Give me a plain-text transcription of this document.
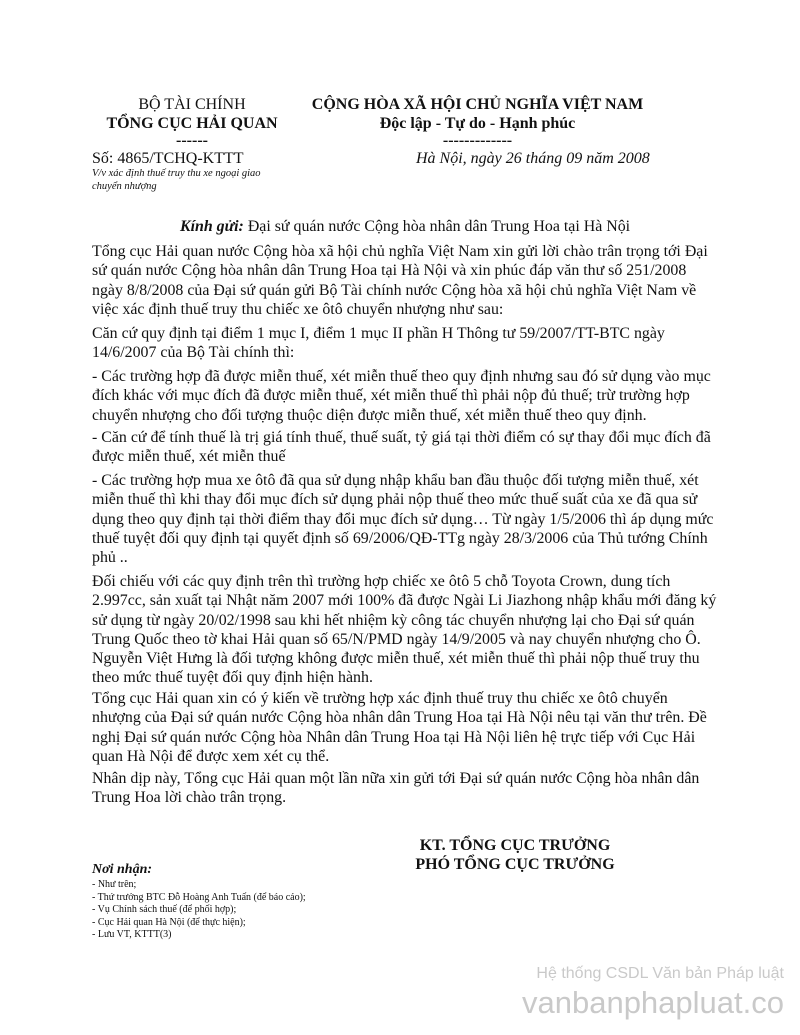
BỘ TÀI CHÍNH
TỔNG CỤC HẢI QUAN
------
Số: 4865/TCHQ-KTTT
V/v xác định thuế truy thu xe ngoại giao chuyển nhượng
CỘNG HÒA XÃ HỘI CHỦ NGHĨA VIỆT NAM
Độc lập - Tự do - Hạnh phúc
-------------
Hà Nội, ngày 26 tháng 09 năm 2008
Kính gửi: Đại sứ quán nước Cộng hòa nhân dân Trung Hoa tại Hà Nội

Tổng cục Hải quan nước Cộng hòa xã hội chủ nghĩa Việt Nam xin gửi lời chào trân trọng tới Đại sứ quán nước Cộng hòa nhân dân Trung Hoa tại Hà Nội và xin phúc đáp văn thư số 251/2008 ngày 8/8/2008 của Đại sứ quán gửi Bộ Tài chính nước Cộng hòa xã hội chủ nghĩa Việt Nam về việc xác định thuế truy thu chiếc xe ôtô chuyển nhượng như sau:

Căn cứ quy định tại điểm 1 mục I, điểm 1 mục II phần H Thông tư 59/2007/TT-BTC ngày 14/6/2007 của Bộ Tài chính thì:

- Các trường hợp đã được miễn thuế, xét miễn thuế theo quy định nhưng sau đó sử dụng vào mục đích khác với mục đích đã được miễn thuế, xét miễn thuế thì phải nộp đủ thuế; trừ trường hợp chuyển nhượng cho đối tượng thuộc diện được miễn thuế, xét miễn thuế theo quy định.

- Căn cứ để tính thuế là trị giá tính thuế, thuế suất, tỷ giá tại thời điểm có sự thay đổi mục đích đã được miễn thuế, xét miễn thuế

- Các trường hợp mua xe ôtô đã qua sử dụng nhập khẩu ban đầu thuộc đối tượng miễn thuế, xét miễn thuế thì khi thay đổi mục đích sử dụng phải nộp thuế theo mức thuế suất của xe đã qua sử dụng theo quy định tại thời điểm thay đổi mục đích sử dụng… Từ ngày 1/5/2006 thì áp dụng mức thuế tuyệt đối quy định tại quyết định số 69/2006/QĐ-TTg ngày 28/3/2006 của Thủ tướng Chính phủ ..

Đối chiếu với các quy định trên thì trường hợp chiếc xe ôtô 5 chỗ Toyota Crown, dung tích 2.997cc, sản xuất tại Nhật năm 2007 mới 100% đã được Ngài Li Jiazhong nhập khẩu mới đăng ký sử dụng từ ngày 20/02/1998 sau khi hết nhiệm kỳ công tác chuyển nhượng lại cho Đại sứ quán Trung Quốc theo tờ khai Hải quan số 65/N/PMD ngày 14/9/2005 và nay chuyển nhượng cho Ô. Nguyễn Việt Hưng là đối tượng không được miễn thuế, xét miễn thuế thì phải nộp thuế truy thu theo mức thuế tuyệt đối quy định hiện hành.

Tổng cục Hải quan xin có ý kiến về trường hợp xác định thuế truy thu chiếc xe ôtô chuyển nhượng của Đại sứ quán nước Cộng hòa nhân dân Trung Hoa tại Hà Nội nêu tại văn thư trên. Đề nghị Đại sứ quán nước Cộng hòa Nhân dân Trung Hoa tại Hà Nội liên hệ trực tiếp với Cục Hải quan Hà Nội để được xem xét cụ thể.

Nhân dịp này, Tổng cục Hải quan một lần nữa xin gửi tới Đại sứ quán nước Cộng hòa nhân dân Trung Hoa lời chào trân trọng.

KT. TỔNG CỤC TRƯỞNG
PHÓ TỔNG CỤC TRƯỞNG
Nơi nhận:
- Như trên;
- Thứ trưởng BTC Đỗ Hoàng Anh Tuấn (để báo cáo);
- Vụ Chính sách thuế (để phối hợp);
- Cục Hải quan Hà Nội (để thực hiện);
- Lưu VT, KTTT(3)
Hệ thống CSDL Văn bản Pháp luật
vanbanphapluat.co
